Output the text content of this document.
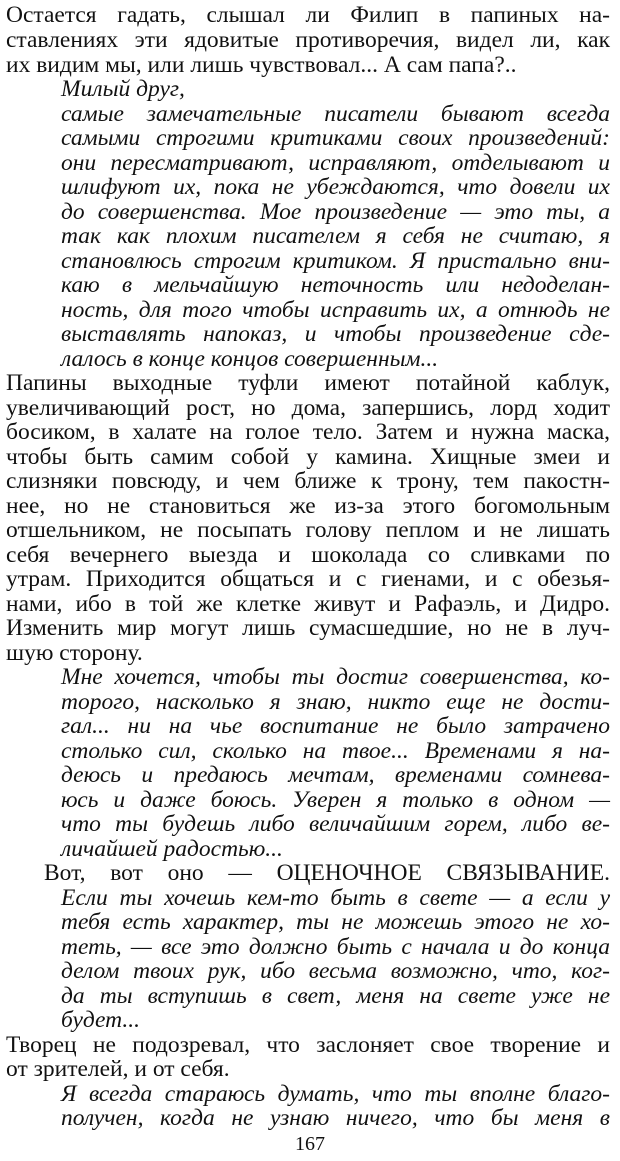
Остается гадать, слышал ли Филип в папиных на-
ставлениях эти ядовитые противоречия, видел ли, как
их видим мы, или лишь чувствовал... А сам папа?..
Милый друг,
самые замечательные писатели бывают всегда
самыми строгими критиками своих произведений:
они пересматривают, исправляют, отделывают и
шлифуют их, пока не убеждаются, что довели их
до совершенства. Мое произведение — это ты, а
так как плохим писателем я себя не считаю, я
становлюсь строгим критиком. Я пристально вни-
каю в мельчайшую неточность или недоделан-
ность, для того чтобы исправить их, а отнюдь не
выставлять напоказ, и чтобы произведение сде-
лалось в конце концов совершенным...
Папины выходные туфли имеют потайной каблук,
увеличивающий рост, но дома, запершись, лорд ходит
босиком, в халате на голое тело. Затем и нужна маска,
чтобы быть самим собой у камина. Хищные змеи и
слизняки повсюду, и чем ближе к трону, тем пакостн-
нее, но не становиться же из-за этого богомольным
отшельником, не посыпать голову пеплом и не лишать
себя вечернего выезда и шоколада со сливками по
утрам. Приходится общаться и с гиенами, и с обезья-
нами, ибо в той же клетке живут и Рафаэль, и Дидро.
Изменить мир могут лишь сумасшедшие, но не в луч-
шую сторону.
Мне хочется, чтобы ты достиг совершенства, ко-
торого, насколько я знаю, никто еще не дости-
гал... ни на чье воспитание не было затрачено
столько сил, сколько на твое... Временами я на-
деюсь и предаюсь мечтам, временами сомнева-
юсь и даже боюсь. Уверен я только в одном —
что ты будешь либо величайшим горем, либо ве-
личайшей радостью...
Вот, вот оно — ОЦЕНОЧНОЕ СВЯЗЫВАНИЕ.
Если ты хочешь кем-то быть в свете — а если у
тебя есть характер, ты не можешь этого не хо-
теть, — все это должно быть с начала и до конца
делом твоих рук, ибо весьма возможно, что, ког-
да ты вступишь в свет, меня на свете уже не
будет...
Творец не подозревал, что заслоняет свое творение и
от зрителей, и от себя.
Я всегда стараюсь думать, что ты вполне благо-
получен, когда не узнаю ничего, что бы меня в
167
